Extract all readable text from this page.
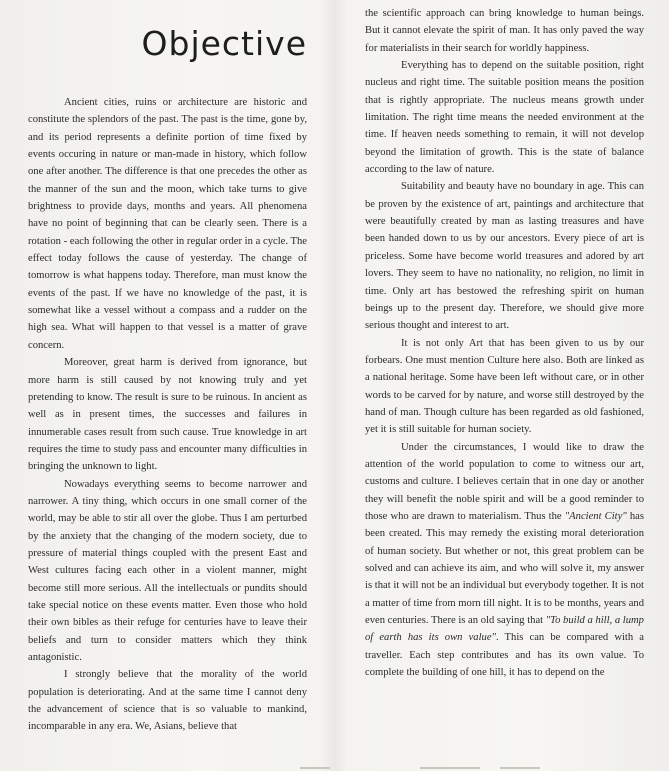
Objective

Ancient cities, ruins or architecture are historic and constitute the splendors of the past. The past is the time, gone by, and its period represents a definite portion of time fixed by events occuring in nature or man-made in history, which follow one after another. The difference is that one precedes the other as the manner of the sun and the moon, which take turns to give brightness to provide days, months and years. All phenomena have no point of beginning that can be clearly seen. There is a rotation - each following the other in regular order in a cycle. The effect today follows the cause of yesterday. The change of tomorrow is what happens today. Therefore, man must know the events of the past. If we have no knowledge of the past, it is somewhat like a vessel without a compass and a rudder on the high sea. What will happen to that vessel is a matter of grave concern.

Moreover, great harm is derived from ignorance, but more harm is still caused by not knowing truly and yet pretending to know. The result is sure to be ruinous. In ancient as well as in present times, the successes and failures in innumerable cases result from such cause. True knowledge in art requires the time to study pass and encounter many difficulties in bringing the unknown to light.

Nowadays everything seems to become narrower and narrower. A tiny thing, which occurs in one small corner of the world, may be able to stir all over the globe. Thus I am perturbed by the anxiety that the changing of the modern society, due to pressure of material things coupled with the present East and West cultures facing each other in a violent manner, might become still more serious. All the intellectuals or pundits should take special notice on these events matter. Even those who hold their own bibles as their refuge for centuries have to leave their beliefs and turn to consider matters which they think antagonistic.

I strongly believe that the morality of the world population is deteriorating. And at the same time I cannot deny the advancement of science that is so valuable to mankind, incomparable in any era. We, Asians, believe that

the scientific approach can bring knowledge to human beings. But it cannot elevate the spirit of man. It has only paved the way for materialists in their search for worldly happiness.

Everything has to depend on the suitable position, right nucleus and right time. The suitable position means the position that is rightly appropriate. The nucleus means growth under limitation. The right time means the needed environment at the time. If heaven needs something to remain, it will not develop beyond the limitation of growth. This is the state of balance according to the law of nature.

Suitability and beauty have no boundary in age. This can be proven by the existence of art, paintings and architecture that were beautifully created by man as lasting treasures and have been handed down to us by our ancestors. Every piece of art is priceless. Some have become world treasures and adored by art lovers. They seem to have no nationality, no religion, no limit in time. Only art has bestowed the refreshing spirit on human beings up to the present day. Therefore, we should give more serious thought and interest to art.

It is not only Art that has been given to us by our forbears. One must mention Culture here also. Both are linked as a national heritage. Some have been left without care, or in other words to be carved for by nature, and worse still destroyed by the hand of man. Though culture has been regarded as old fashioned, yet it is still suitable for human society.

Under the circumstances, I would like to draw the attention of the world population to come to witness our art, customs and culture. I believes certain that in one day or another they will benefit the noble spirit and will be a good reminder to those who are drawn to materialism. Thus the "Ancient City" has been created. This may remedy the existing moral deterioration of human society. But whether or not, this great problem can be solved and can achieve its aim, and who will solve it, my answer is that it will not be an individual but everybody together. It is not a matter of time from morn till night. It is to be months, years and even centuries. There is an old saying that "To build a hill, a lump of earth has its own value". This can be compared with a traveller. Each step contributes and has its own value. To complete the building of one hill, it has to depend on the
